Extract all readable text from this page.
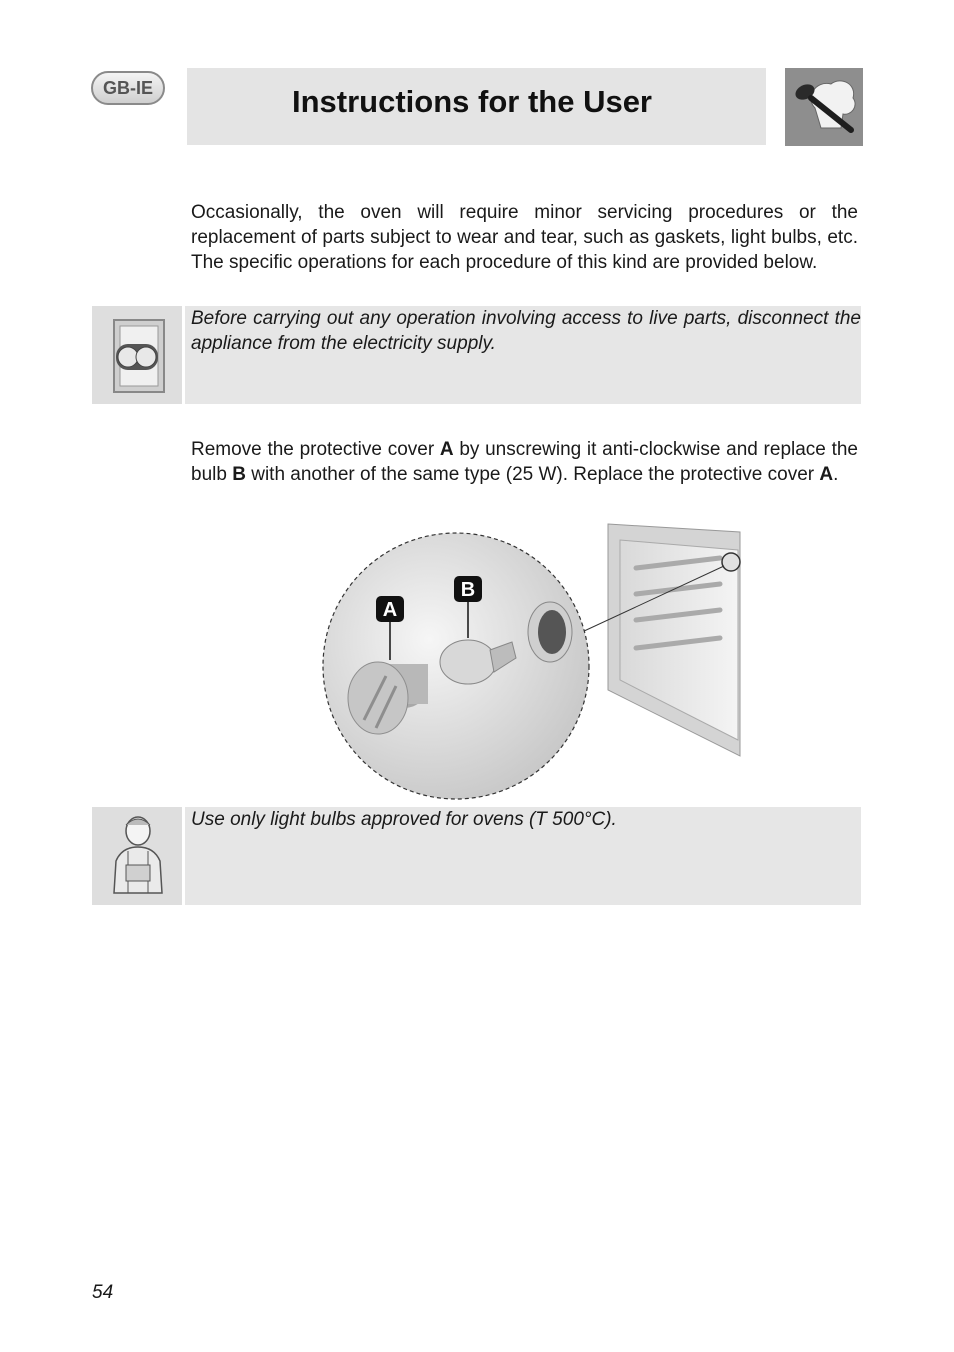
GB-IE	Instructions for the User

Occasionally, the oven will require minor servicing procedures or the replacement of parts subject to wear and tear, such as gaskets, light bulbs, etc. The specific operations for each procedure of this kind are provided below.

Before carrying out any operation involving access to live parts, disconnect the appliance from the electricity supply.

Remove the protective cover A by unscrewing it anti-clockwise and replace the bulb B with another of the same type (25 W). Replace the protective cover A.

A
B

Use only light bulbs approved for ovens (T 500°C).

54
